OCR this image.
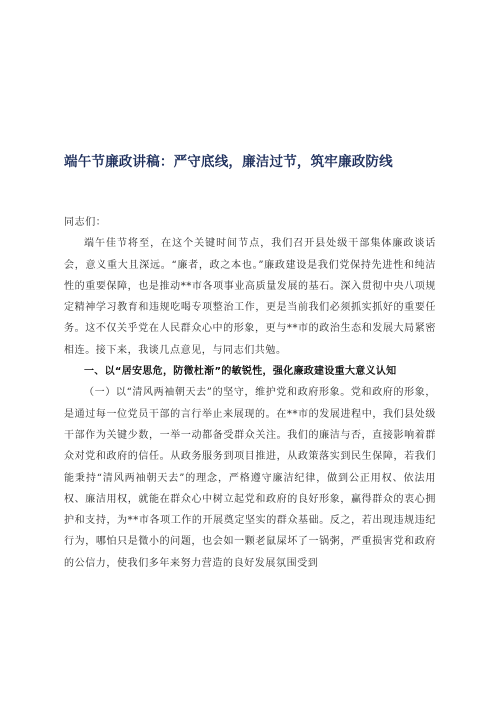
端午节廉政讲稿：严守底线，廉洁过节，筑牢廉政防线

同志们：

端午佳节将至，在这个关键时间节点，我们召开县处级干部集体廉政谈话会，意义重大且深远。“廉者，政之本也。”廉政建设是我们党保持先进性和纯洁性的重要保障，也是推动**市各项事业高质量发展的基石。深入贯彻中央八项规定精神学习教育和违规吃喝专项整治工作，更是当前我们必须抓实抓好的重要任务。这不仅关乎党在人民群众心中的形象，更与**市的政治生态和发展大局紧密相连。接下来，我谈几点意见，与同志们共勉。

一、以“居安思危，防微杜渐”的敏锐性，强化廉政建设重大意义认知

（一）以“清风两袖朝天去”的坚守，维护党和政府形象。党和政府的形象，是通过每一位党员干部的言行举止来展现的。在**市的发展进程中，我们县处级干部作为关键少数，一举一动都备受群众关注。我们的廉洁与否，直接影响着群众对党和政府的信任。从政务服务到项目推进，从政策落实到民生保障，若我们能秉持“清风两袖朝天去”的理念，严格遵守廉洁纪律，做到公正用权、依法用权、廉洁用权，就能在群众心中树立起党和政府的良好形象，赢得群众的衷心拥护和支持，为**市各项工作的开展奠定坚实的群众基础。反之，若出现违规违纪行为，哪怕只是微小的问题，也会如一颗老鼠屎坏了一锅粥，严重损害党和政府的公信力，使我们多年来努力营造的良好发展氛围受到
